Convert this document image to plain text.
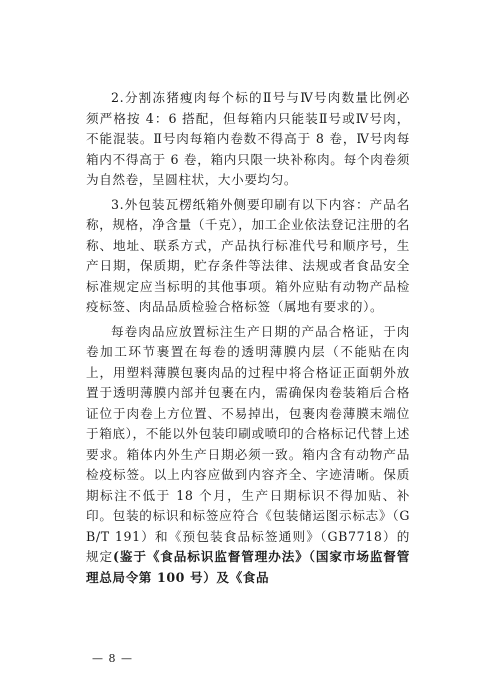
2.分割冻猪瘦肉每个标的Ⅱ号与Ⅳ号肉数量比例必须严格按 4：6 搭配，但每箱内只能装Ⅱ号或Ⅳ号肉，不能混装。Ⅱ号肉每箱内卷数不得高于 8 卷，Ⅳ号肉每箱内不得高于 6 卷，箱内只限一块补称肉。每个肉卷须为自然卷，呈圆柱状，大小要均匀。

3.外包装瓦楞纸箱外侧要印刷有以下内容：产品名称，规格，净含量（千克），加工企业依法登记注册的名称、地址、联系方式，产品执行标准代号和顺序号，生产日期，保质期，贮存条件等法律、法规或者食品安全标准规定应当标明的其他事项。箱外应贴有动物产品检疫标签、肉品品质检验合格标签（属地有要求的）。

每卷肉品应放置标注生产日期的产品合格证，于肉卷加工环节裹置在每卷的透明薄膜内层（不能贴在肉上，用塑料薄膜包裹肉品的过程中将合格证正面朝外放置于透明薄膜内部并包裹在内，需确保肉卷装箱后合格证位于肉卷上方位置、不易掉出，包裹肉卷薄膜末端位于箱底），不能以外包装印刷或喷印的合格标记代替上述要求。箱体内外生产日期必须一致。箱内含有动物产品检疫标签。以上内容应做到内容齐全、字迹清晰。保质期标注不低于 18 个月，生产日期标识不得加贴、补印。包装的标识和标签应符合《包装储运图示标志》（GB/T 191）和《预包装食品标签通则》（GB7718）的规定(鉴于《食品标识监督管理办法》（国家市场监督管理总局令第 100 号）及《食品

— 8 —
